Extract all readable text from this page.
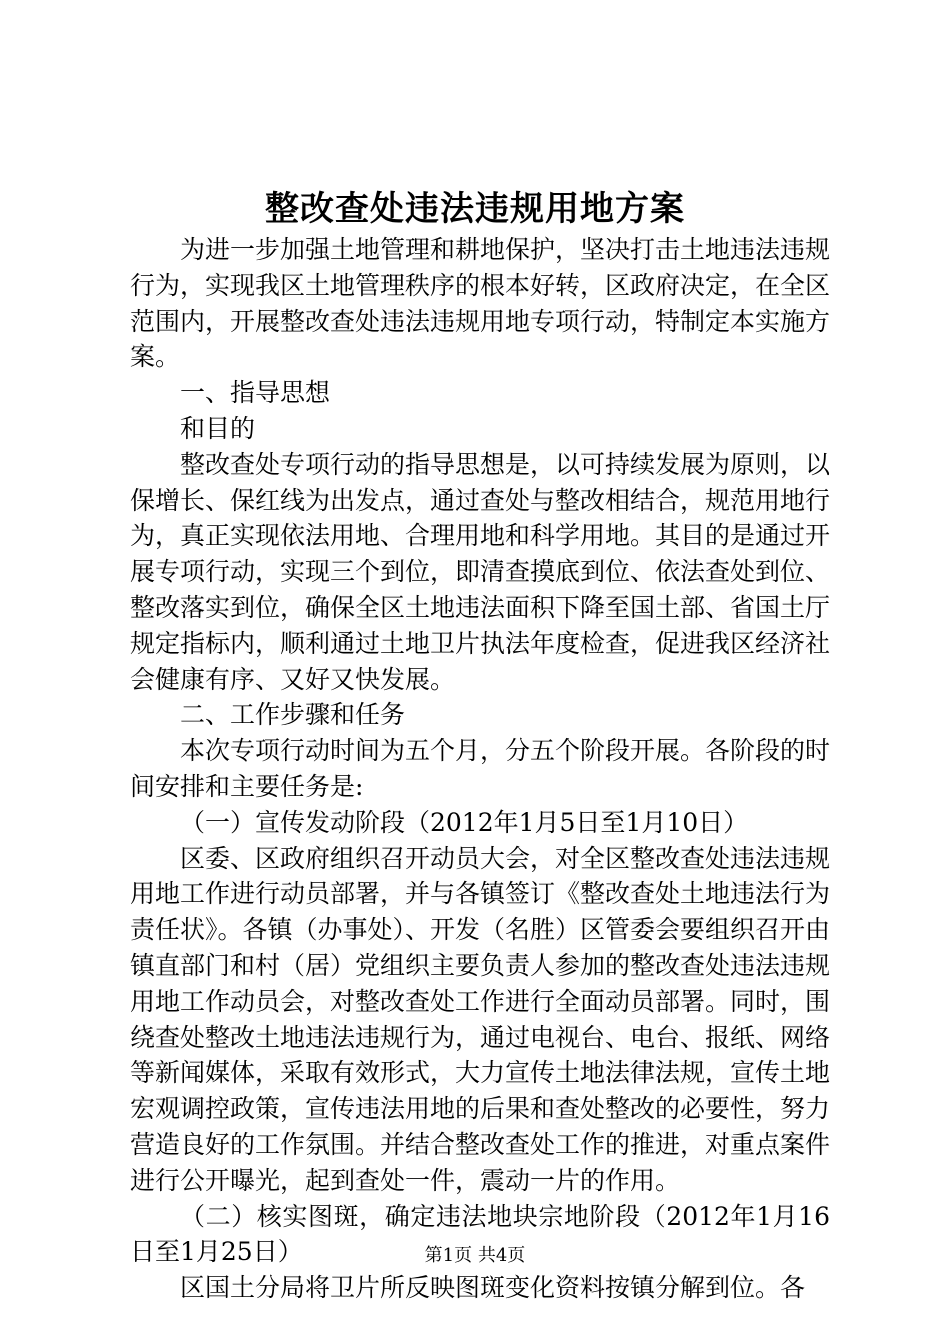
整改查处违法违规用地方案

为进一步加强土地管理和耕地保护，坚决打击土地违法违规行为，实现我区土地管理秩序的根本好转，区政府决定，在全区范围内，开展整改查处违法违规用地专项行动，特制定本实施方案。

一、指导思想

和目的

整改查处专项行动的指导思想是，以可持续发展为原则，以保增长、保红线为出发点，通过查处与整改相结合，规范用地行为，真正实现依法用地、合理用地和科学用地。其目的是通过开展专项行动，实现三个到位，即清查摸底到位、依法查处到位、整改落实到位，确保全区土地违法面积下降至国土部、省国土厅规定指标内，顺利通过土地卫片执法年度检查，促进我区经济社会健康有序、又好又快发展。

二、工作步骤和任务

本次专项行动时间为五个月，分五个阶段开展。各阶段的时间安排和主要任务是:

（一）宣传发动阶段（2012年1月5日至1月10日）

区委、区政府组织召开动员大会，对全区整改查处违法违规用地工作进行动员部署，并与各镇签订《整改查处土地违法行为责任状》。各镇（办事处）、开发（名胜）区管委会要组织召开由镇直部门和村（居）党组织主要负责人参加的整改查处违法违规用地工作动员会，对整改查处工作进行全面动员部署。同时，围绕查处整改土地违法违规行为，通过电视台、电台、报纸、网络等新闻媒体，采取有效形式，大力宣传土地法律法规，宣传土地宏观调控政策，宣传违法用地的后果和查处整改的必要性，努力营造良好的工作氛围。并结合整改查处工作的推进，对重点案件进行公开曝光，起到查处一件，震动一片的作用。

（二）核实图斑，确定违法地块宗地阶段（2012年1月16日至1月25日）

区国土分局将卫片所反映图斑变化资料按镇分解到位。各

第1页 共4页
